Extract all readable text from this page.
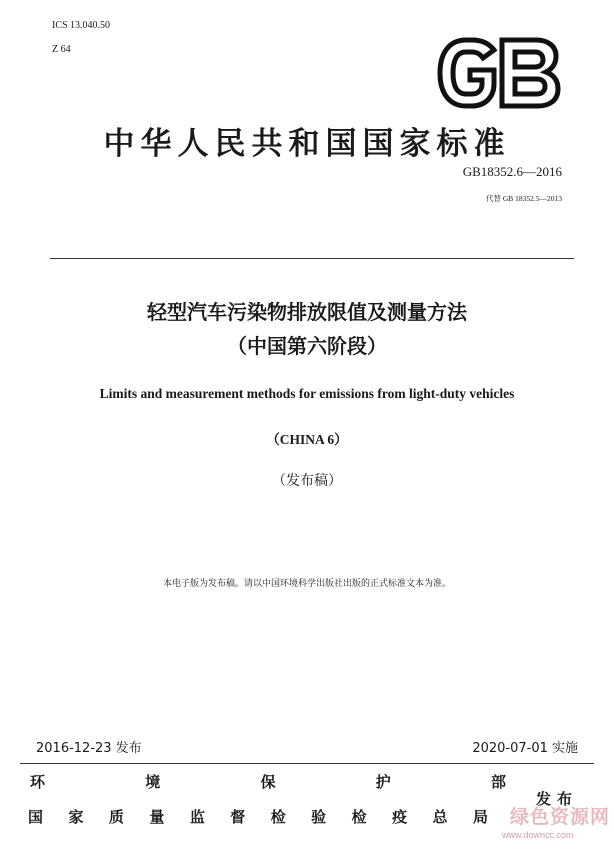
ICS 13.040.50
Z 64
中华人民共和国国家标准
GB18352.6—2016
代替 GB 18352.5—2013
轻型汽车污染物排放限值及测量方法
（中国第六阶段）
Limits and measurement methods for emissions from light-duty vehicles
（CHINA 6）
（发布稿）
本电子版为发布稿。请以中国环境科学出版社出版的正式标准文本为准。
2016-12-23 发布	2020-07-01 实施
环	境	保	护	部
国 家 质 量 监 督 检 验 检 疫 总 局
发布
绿色资源网
www.downcc.com
